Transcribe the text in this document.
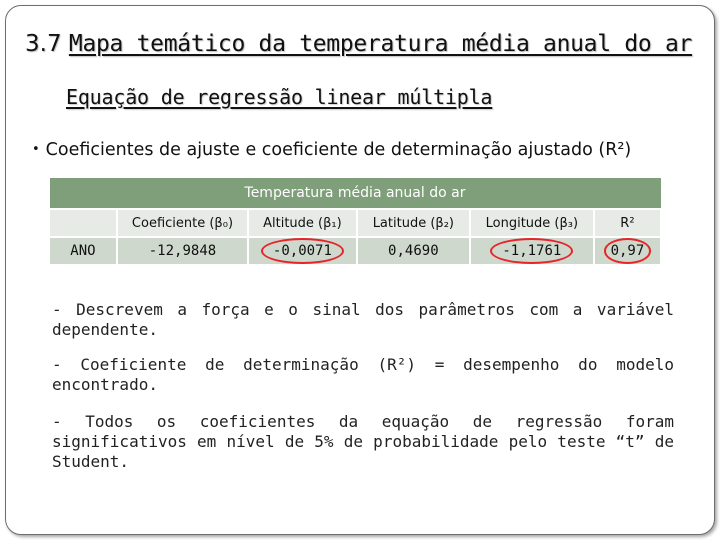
3.7 Mapa temático da temperatura média anual do ar
Equação de regressão linear múltipla
• Coeficientes de ajuste e coeficiente de determinação ajustado (R²)
Temperatura média anual do ar					
	Coeficiente (β₀)	Altitude (β₁)	Latitude (β₂)	Longitude (β₃)	R²
ANO	-12,9848	-0,0071	0,4690	-1,1761	0,97
- Descrevem a força e o sinal dos parâmetros com a variável dependente.
- Coeficiente de determinação (R²) = desempenho do modelo encontrado.
- Todos os coeficientes da equação de regressão foram significativos em nível de 5% de probabilidade pelo teste “t” de Student.
